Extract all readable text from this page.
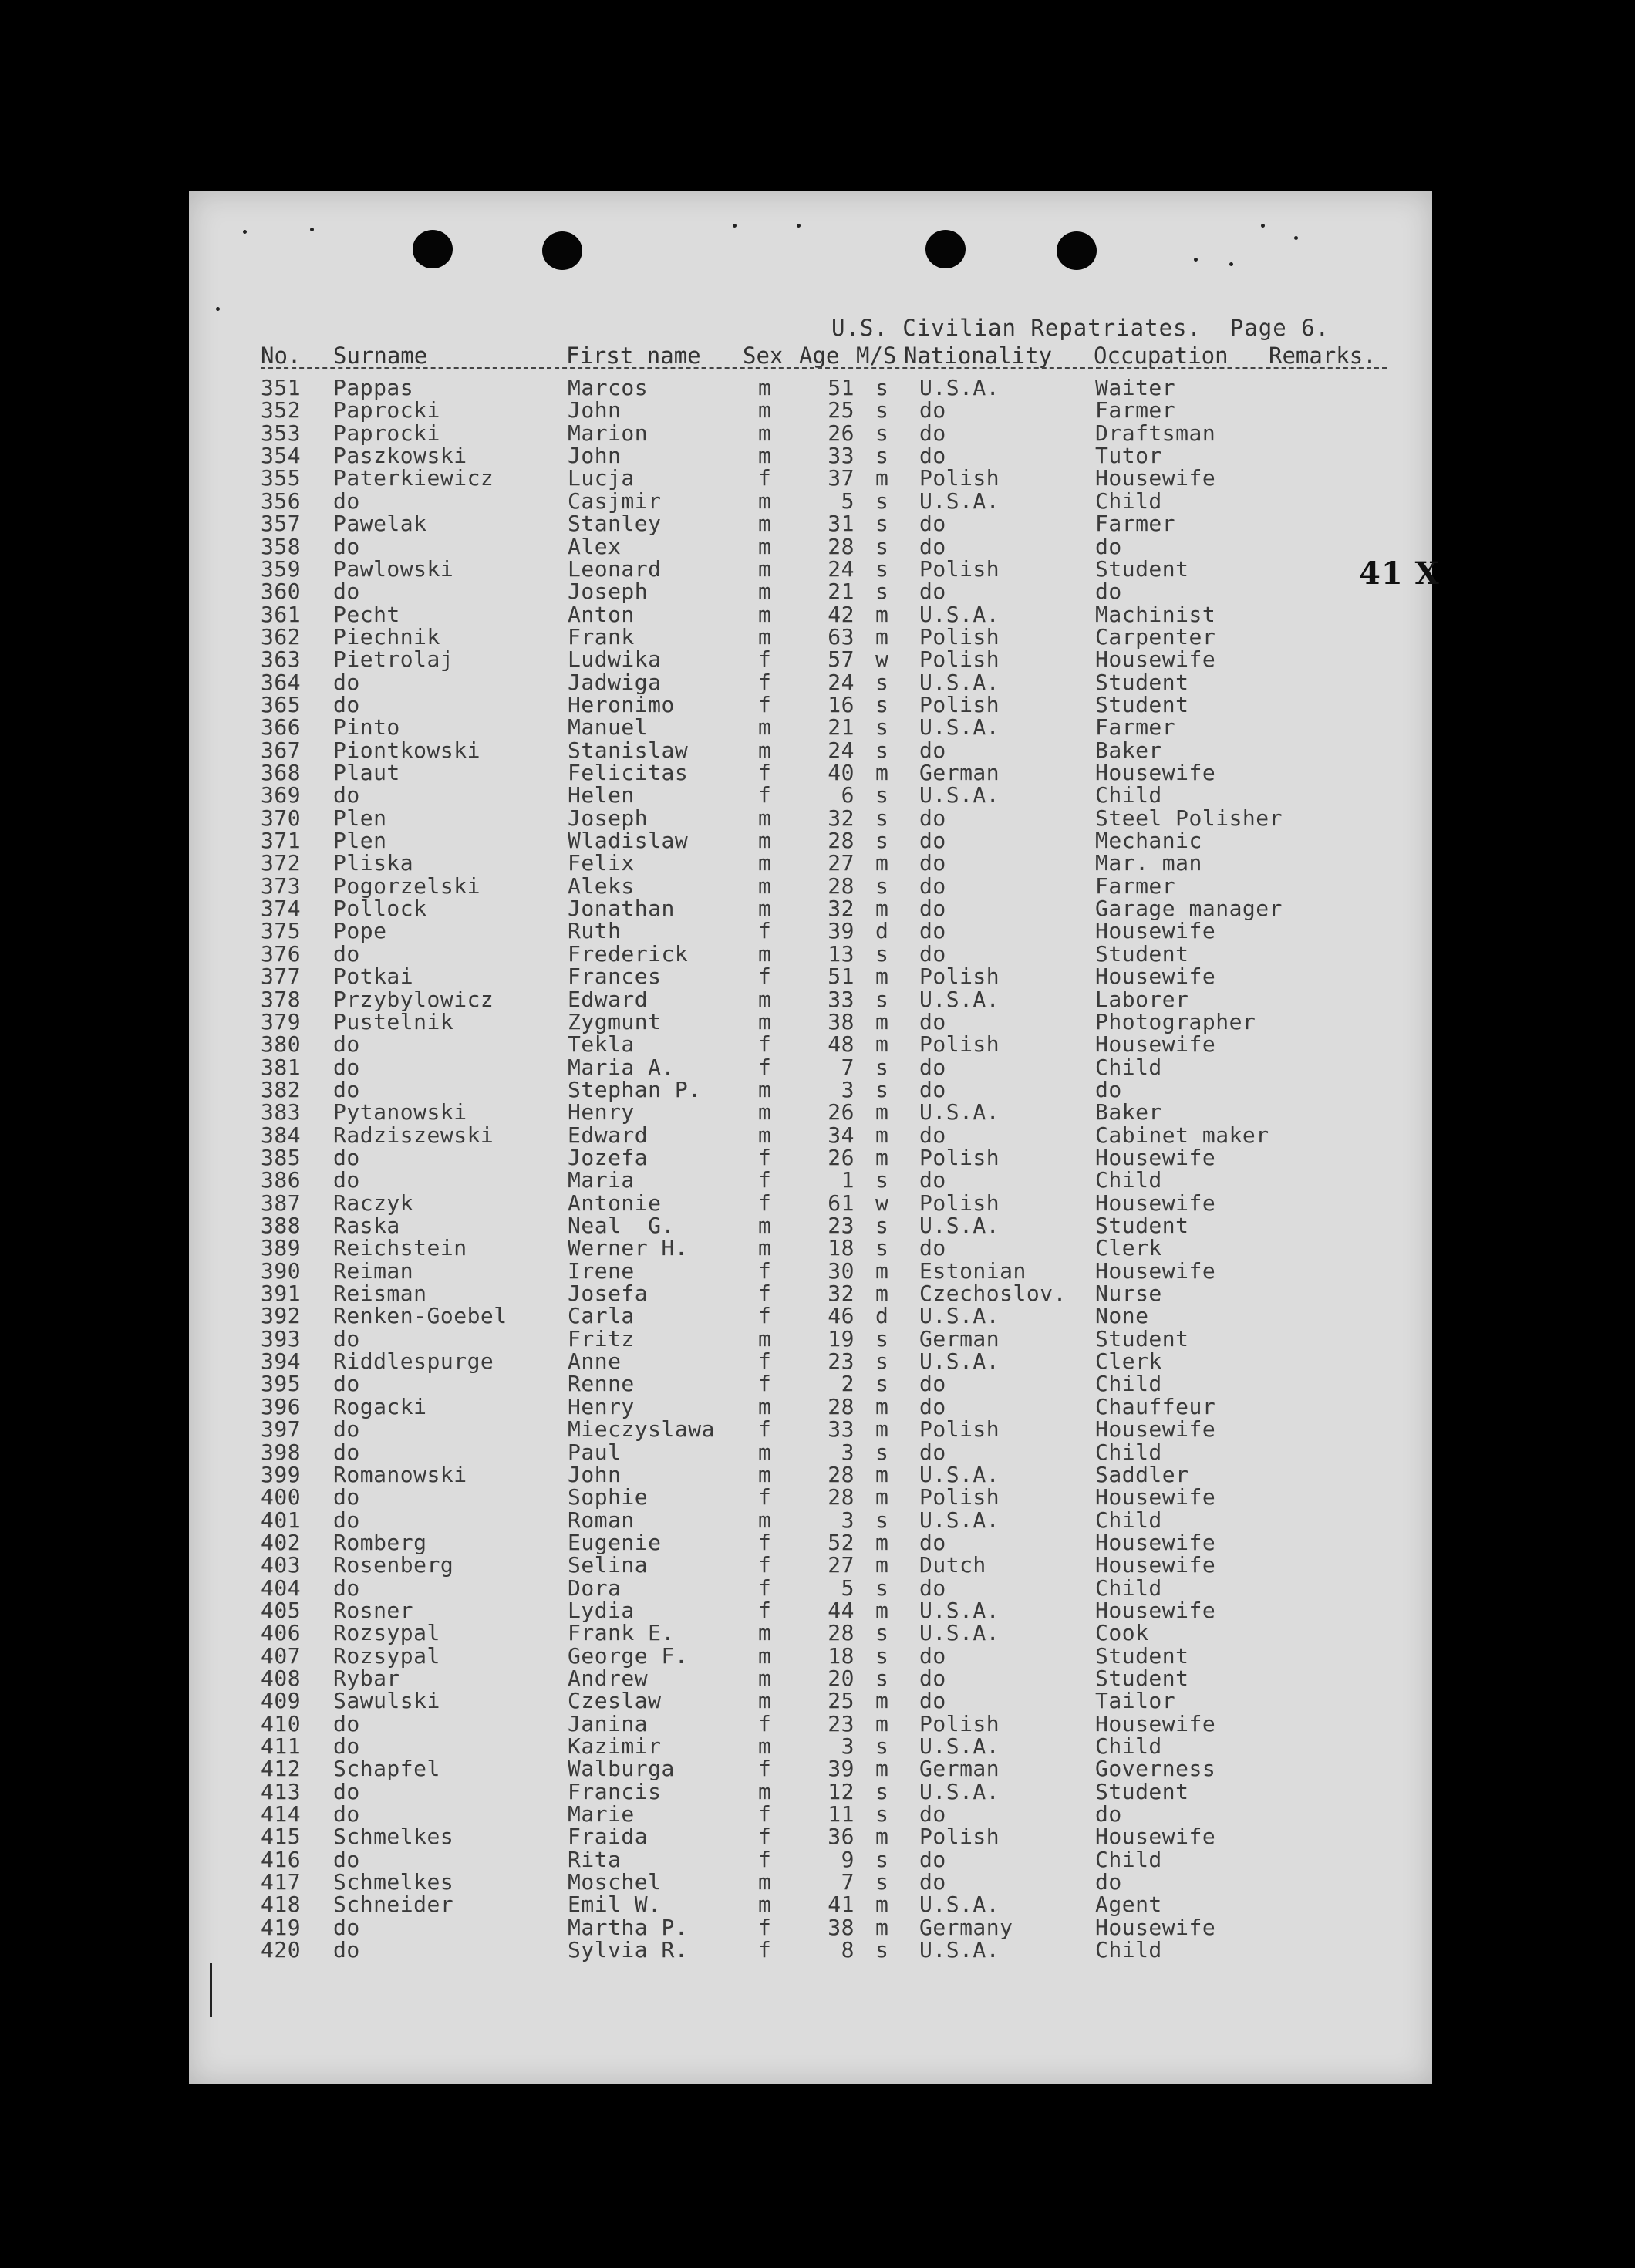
U.S. Civilian Repatriates.  Page 6.
No. Surname	First name Sex Age M/S Nationality Occupation Remarks.
351 Pappas	Marcos	m	51 s U.S.A.	Waiter
352 Paprocki	John	m	25 s do	Farmer
353 Paprocki	Marion	m	26 s do	Draftsman
354 Paszkowski	John	m	33 s do	Tutor
355 Paterkiewicz	Lucja	f	37 m Polish	Housewife
356 do	Casjmir	m	5 s U.S.A.	Child
357 Pawelak	Stanley	m	31 s do	Farmer
358 do	Alex	m	28 s do	do
359 Pawlowski	Leonard	m	24 s Polish	Student
360 do	Joseph	m	21 s do	do
361 Pecht	Anton	m	42 m U.S.A.	Machinist
362 Piechnik	Frank	m	63 m Polish	Carpenter
363 Pietrolaj	Ludwika	f	57 w Polish	Housewife
364 do	Jadwiga	f	24 s U.S.A.	Student
365 do	Heronimo	f	16 s Polish	Student
366 Pinto	Manuel	m	21 s U.S.A.	Farmer
367 Piontkowski	Stanislaw	m	24 s do	Baker
368 Plaut	Felicitas	f	40 m German	Housewife
369 do	Helen	f	6 s U.S.A.	Child
370 Plen	Joseph	m	32 s do	Steel Polisher
371 Plen	Wladislaw	m	28 s do	Mechanic
372 Pliska	Felix	m	27 m do	Mar. man
373 Pogorzelski	Aleks	m	28 s do	Farmer
374 Pollock	Jonathan	m	32 m do	Garage manager
375 Pope	Ruth	f	39 d do	Housewife
376 do	Frederick	m	13 s do	Student
377 Potkai	Frances	f	51 m Polish	Housewife
378 Przybylowicz	Edward	m	33 s U.S.A.	Laborer
379 Pustelnik	Zygmunt	m	38 m do	Photographer
380 do	Tekla	f	48 m Polish	Housewife
381 do	Maria A.	f	7 s do	Child
382 do	Stephan P.	m	3 s do	do
383 Pytanowski	Henry	m	26 m U.S.A.	Baker
384 Radziszewski	Edward	m	34 m do	Cabinet maker
385 do	Jozefa	f	26 m Polish	Housewife
386 do	Maria	f	1 s do	Child
387 Raczyk	Antonie	f	61 w Polish	Housewife
388 Raska	Neal  G.	m	23 s U.S.A.	Student
389 Reichstein	Werner H.	m	18 s do	Clerk
390 Reiman	Irene	f	30 m Estonian	Housewife
391 Reisman	Josefa	f	32 m Czechoslov. Nurse
392 Renken-Goebel	Carla	f	46 d U.S.A.	None
393 do	Fritz	m	19 s German	Student
394 Riddlespurge	Anne	f	23 s U.S.A.	Clerk
395 do	Renne	f	2 s do	Child
396 Rogacki	Henry	m	28 m do	Chauffeur
397 do	Mieczyslawa f	33 m Polish	Housewife
398 do	Paul	m	3 s do	Child
399 Romanowski	John	m	28 m U.S.A.	Saddler
400 do	Sophie	f	28 m Polish	Housewife
401 do	Roman	m	3 s U.S.A.	Child
402 Romberg	Eugenie	f	52 m do	Housewife
403 Rosenberg	Selina	f	27 m Dutch	Housewife
404 do	Dora	f	5 s do	Child
405 Rosner	Lydia	f	44 m U.S.A.	Housewife
406 Rozsypal	Frank E.	m	28 s U.S.A.	Cook
407 Rozsypal	George F.	m	18 s do	Student
408 Rybar	Andrew	m	20 s do	Student
409 Sawulski	Czeslaw	m	25 m do	Tailor
410 do	Janina	f	23 m Polish	Housewife
411 do	Kazimir	m	3 s U.S.A.	Child
412 Schapfel	Walburga	f	39 m German	Governess
413 do	Francis	m	12 s U.S.A.	Student
414 do	Marie	f	11 s do	do
415 Schmelkes	Fraida	f	36 m Polish	Housewife
416 do	Rita	f	9 s do	Child
417 Schmelkes	Moschel	m	7 s do	do
418 Schneider	Emil W.	m	41 m U.S.A.	Agent
419 do	Martha P.	f	38 m Germany	Housewife
420 do	Sylvia R.	f	8 s U.S.A.	Child
41 X
